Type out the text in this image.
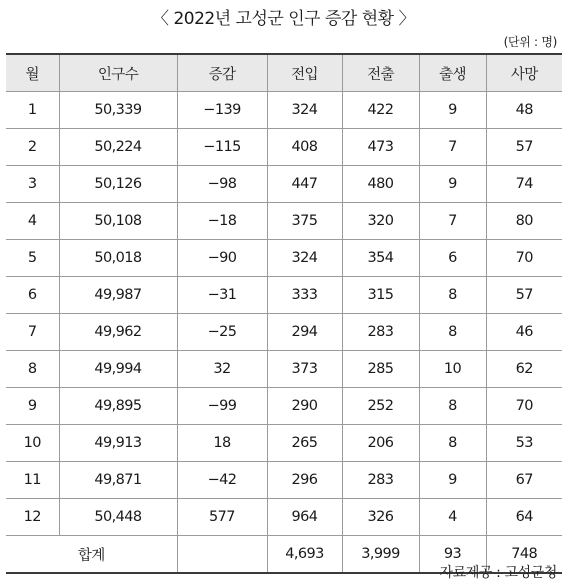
〈 2022년 고성군 인구 증감 현황 〉
(단위 : 명)
월	인구수	증감	전입	전출	출생	사망
1	50,339	−139	324	422	9	48
2	50,224	−115	408	473	7	57
3	50,126	−98	447	480	9	74
4	50,108	−18	375	320	7	80
5	50,018	−90	324	354	6	70
6	49,987	−31	333	315	8	57
7	49,962	−25	294	283	8	46
8	49,994	32	373	285	10	62
9	49,895	−99	290	252	8	70
10	49,913	18	265	206	8	53
11	49,871	−42	296	283	9	67
12	50,448	577	964	326	4	64
합계			4,693	3,999	93	748
자료제공 : 고성군청
